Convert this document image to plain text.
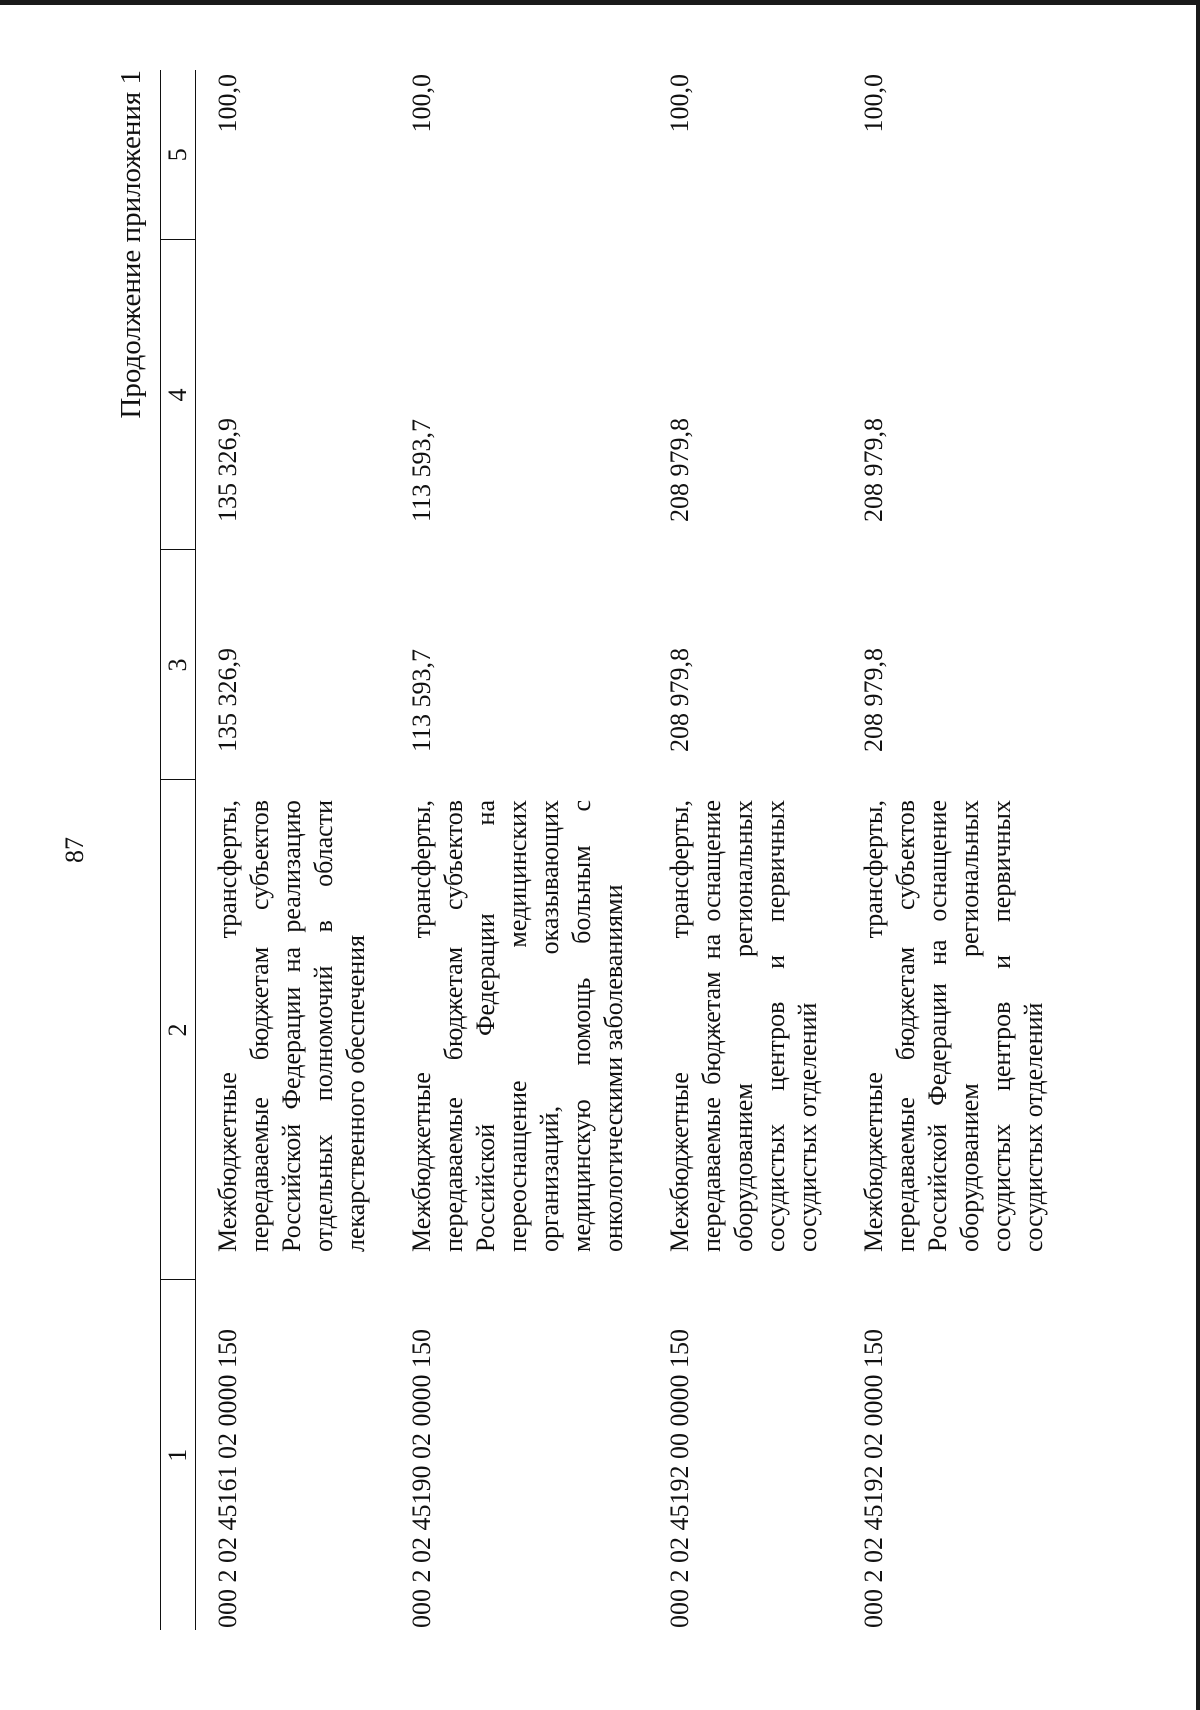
87
Продолжение приложения 1
1	2	3	4	5
000 2 02 45161 02 0000 150	Межбюджетные трансферты, передаваемые бюджетам субъектов Российской Федерации на реализацию отдельных полномочий в области лекарственного обеспечения	135 326,9	135 326,9	100,0
000 2 02 45190 02 0000 150	Межбюджетные трансферты, передаваемые бюджетам субъектов Российской Федерации на переоснащение медицинских организаций, оказывающих медицинскую помощь больным с онкологическими заболеваниями	113 593,7	113 593,7	100,0
000 2 02 45192 00 0000 150	Межбюджетные трансферты, передаваемые бюджетам на оснащение оборудованием региональных сосудистых центров и первичных сосудистых отделений	208 979,8	208 979,8	100,0
000 2 02 45192 02 0000 150	Межбюджетные трансферты, передаваемые бюджетам субъектов Российской Федерации на оснащение оборудованием региональных сосудистых центров и первичных сосудистых отделений	208 979,8	208 979,8	100,0
